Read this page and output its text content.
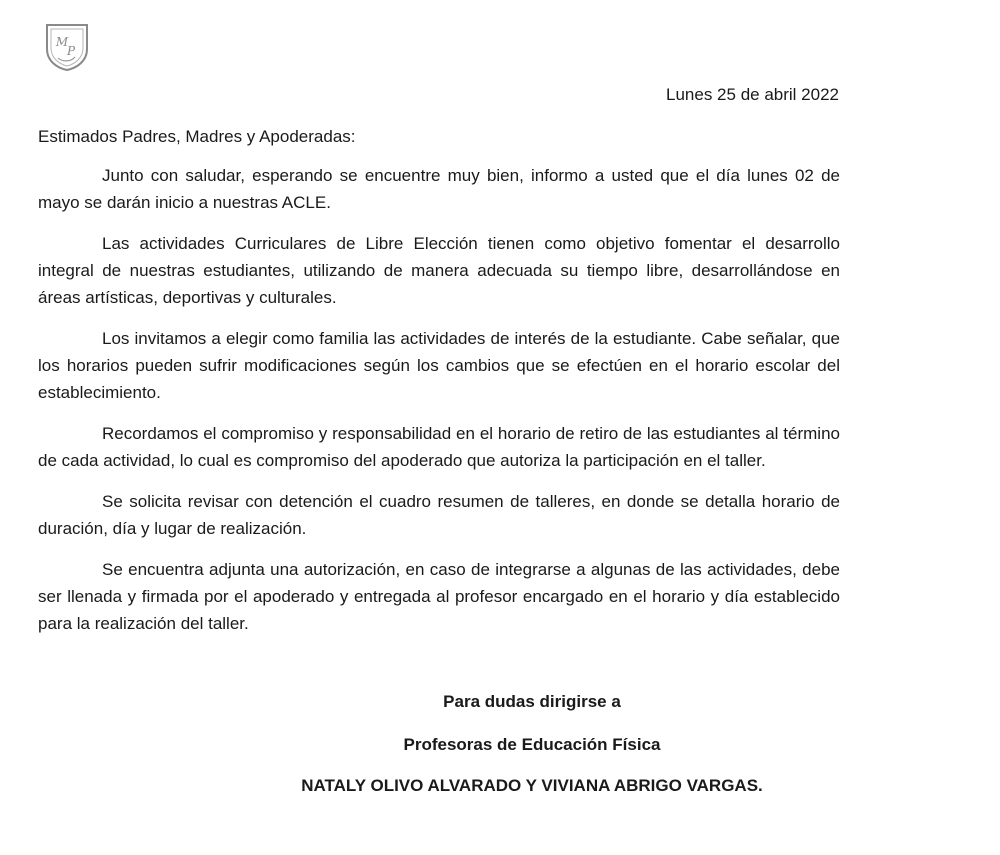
M
P
Lunes 25 de abril 2022

Estimados Padres, Madres y Apoderadas:

Junto con saludar, esperando se encuentre muy bien, informo a usted que el día lunes 02 de mayo se darán inicio a nuestras ACLE.

Las actividades Curriculares de Libre Elección tienen como objetivo fomentar el desarrollo integral de nuestras estudiantes, utilizando de manera adecuada su tiempo libre, desarrollándose en áreas artísticas, deportivas y culturales.

Los invitamos a elegir como familia las actividades de interés de la estudiante. Cabe señalar, que los horarios pueden sufrir modificaciones según los cambios que se efectúen en el horario escolar del establecimiento.

Recordamos el compromiso y responsabilidad en el horario de retiro de las estudiantes al término de cada actividad, lo cual es compromiso del apoderado que autoriza la participación en el taller.

Se solicita revisar con detención el cuadro resumen de talleres, en donde se detalla horario de duración, día y lugar de realización.

Se encuentra adjunta una autorización, en caso de integrarse a algunas de las actividades, debe ser llenada y firmada por el apoderado y entregada al profesor encargado en el horario y día establecido para la realización del taller.

Para dudas dirigirse a
Profesoras de Educación Física
NATALY OLIVO ALVARADO Y VIVIANA ABRIGO VARGAS.
